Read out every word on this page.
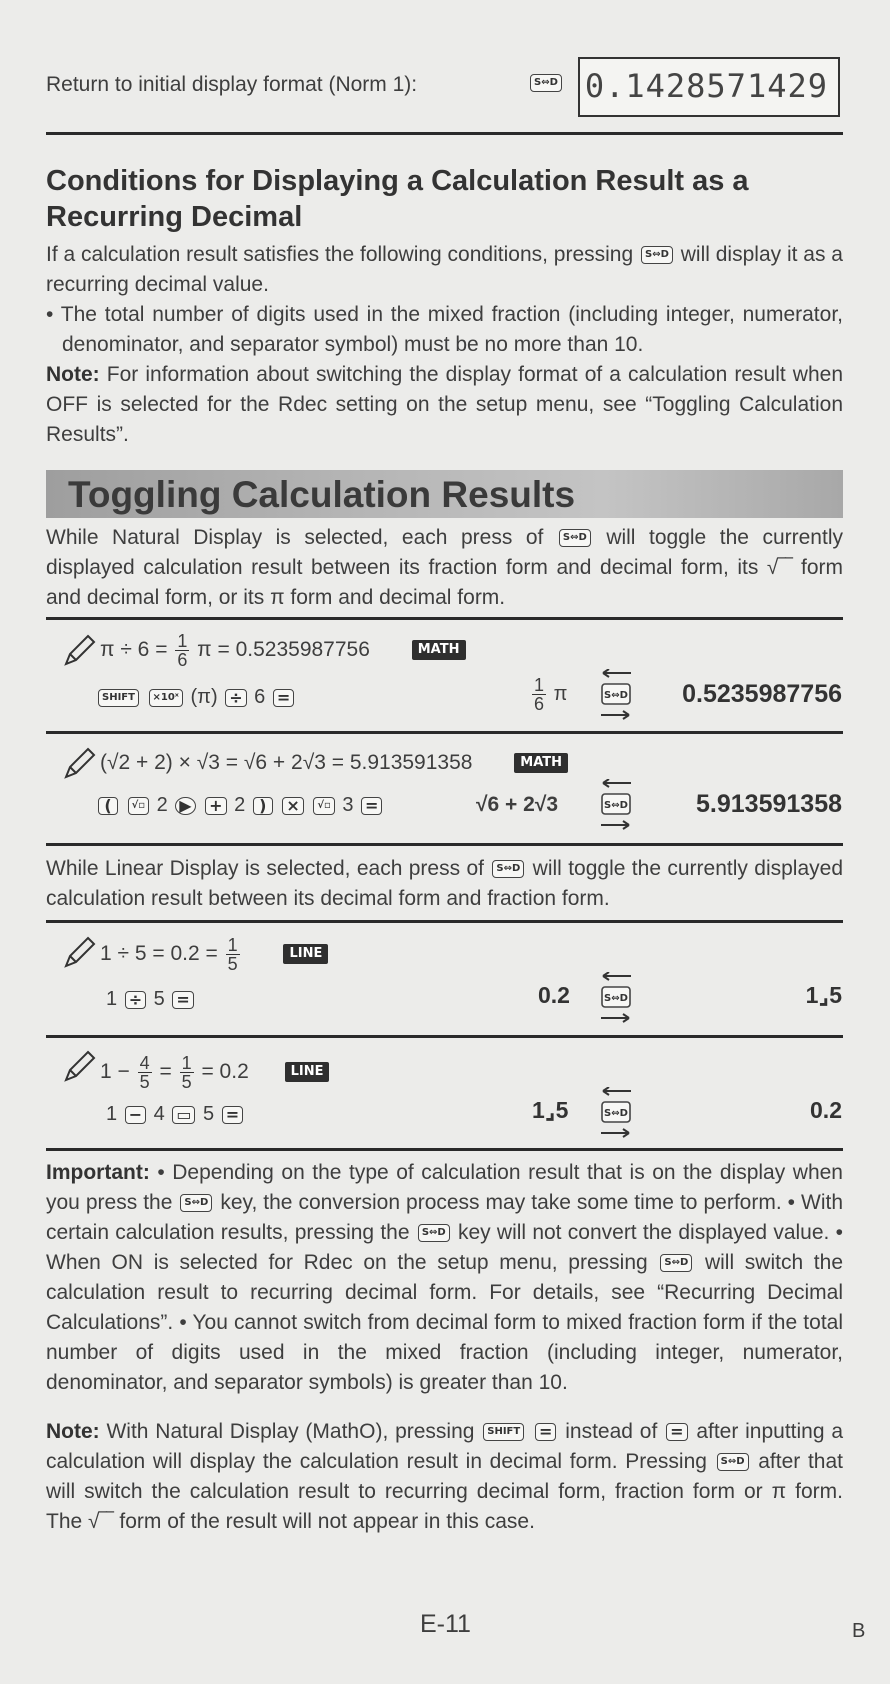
Return to initial display format (Norm 1):	S⇔D 0.1428571429
Conditions for Displaying a Calculation Result as a
Recurring Decimal
If a calculation result satisfies the following conditions, pressing S⇔D will display it as a recurring decimal value.
• The total number of digits used in the mixed fraction (including integer, numerator, denominator, and separator symbol) must be no more than 10.
Note: For information about switching the display format of a calculation result when OFF is selected for the Rdec setting on the setup menu, see “Toggling Calculation Results”.
Toggling Calculation Results
While Natural Display is selected, each press of S⇔D will toggle the currently displayed calculation result between its fraction form and decimal form, its √‾‾ form and decimal form, or its π form and decimal form.
$\pi \div 6 = \frac{1}{6}$ π = 0.5235987756	MATH
SHIFT ×10ˣ (π) ÷ 6 =	$\frac{1}{6}$ π	S⇔D 0.5235987756
(√2 + 2) × √3 = √6 + 2√3 = 5.913591358	MATH
( √▫ 2 ▶ + 2 ) × √▫ 3 =	√6 + 2√3	S⇔D	5.913591358
While Linear Display is selected, each press of S⇔D will toggle the currently displayed calculation result between its decimal form and fraction form.
$1 \div 5 = 0.2 = \frac{1}{5}$	LINE
1 ÷ 5 =	0.2	S⇔D	1⌟5
$1 - \frac{4}{5} = \frac{1}{5} = 0.2$	LINE
1 − 4 ▭ 5 =	1⌟5	S⇔D	0.2
Important: • Depending on the type of calculation result that is on the display when you press the S⇔D key, the conversion process may take some time to perform. • With certain calculation results, pressing the S⇔D key will not convert the displayed value. • When ON is selected for Rdec on the setup menu, pressing S⇔D will switch the calculation result to recurring decimal form. For details, see “Recurring Decimal Calculations”. • You cannot switch from decimal form to mixed fraction form if the total number of digits used in the mixed fraction (including integer, numerator, denominator, and separator symbols) is greater than 10.
Note: With Natural Display (MathO), pressing SHIFT = instead of = after inputting a calculation will display the calculation result in decimal form. Pressing S⇔D after that will switch the calculation result to recurring decimal form, fraction form or π form. The √‾‾ form of the result will not appear in this case.
E-11	B
